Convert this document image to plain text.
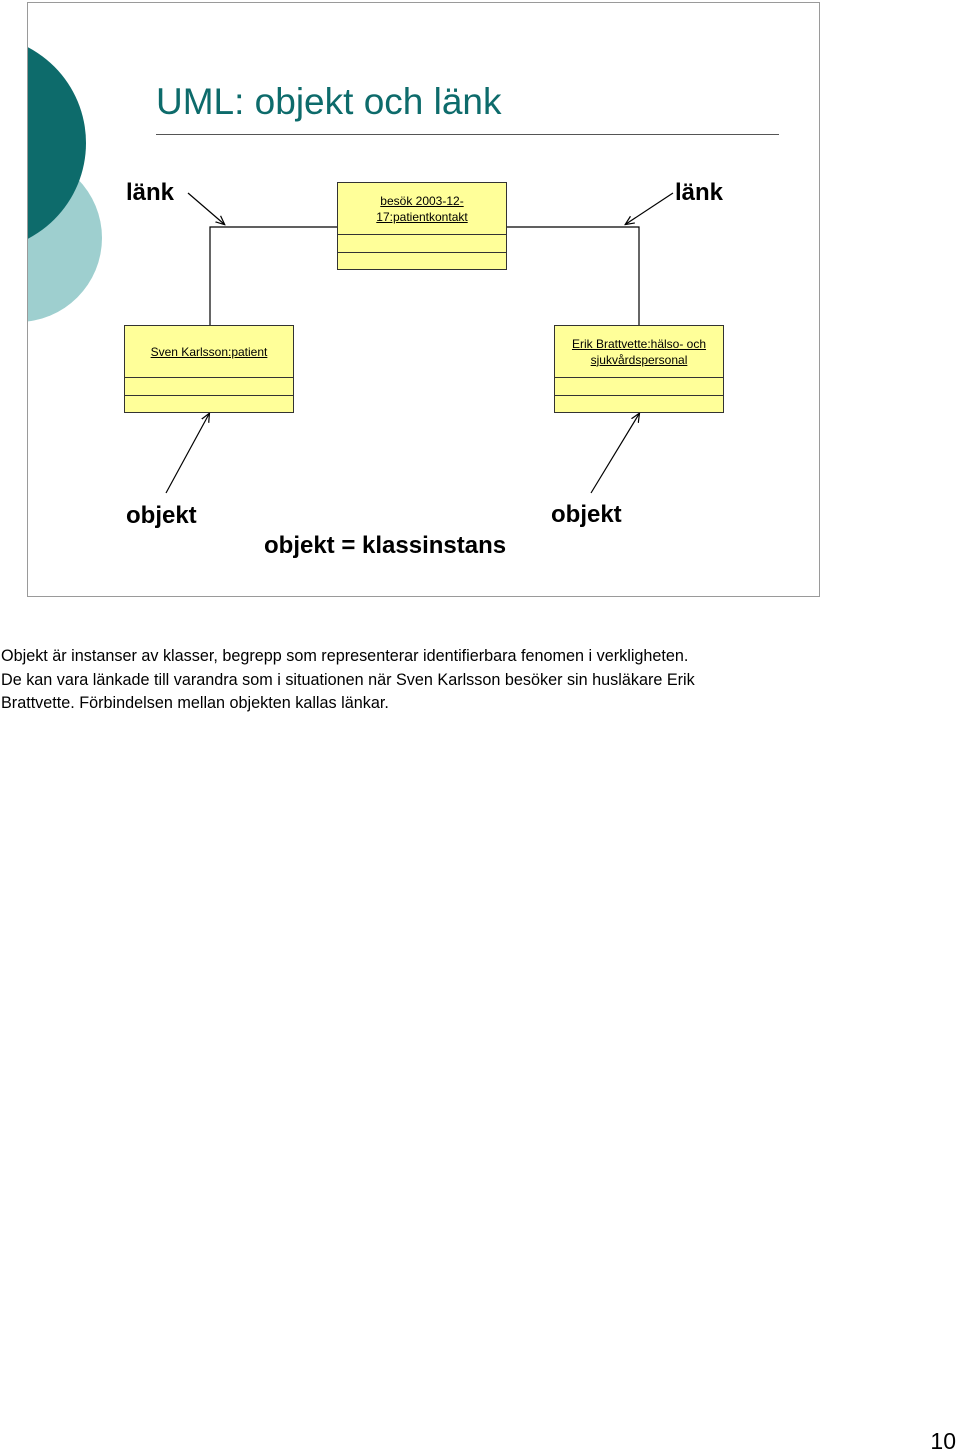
UML: objekt och länk
länk	länk
besök 2003-12-
17:patientkontakt
Sven Karlsson:patient
Erik Brattvette:hälso- och
sjukvårdspersonal
objekt	objekt
objekt = klassinstans
Objekt är instanser av klasser, begrepp som representerar identifierbara fenomen i verkligheten.
De kan vara länkade till varandra som i situationen när Sven Karlsson besöker sin husläkare Erik
Brattvette. Förbindelsen mellan objekten kallas länkar.
10
